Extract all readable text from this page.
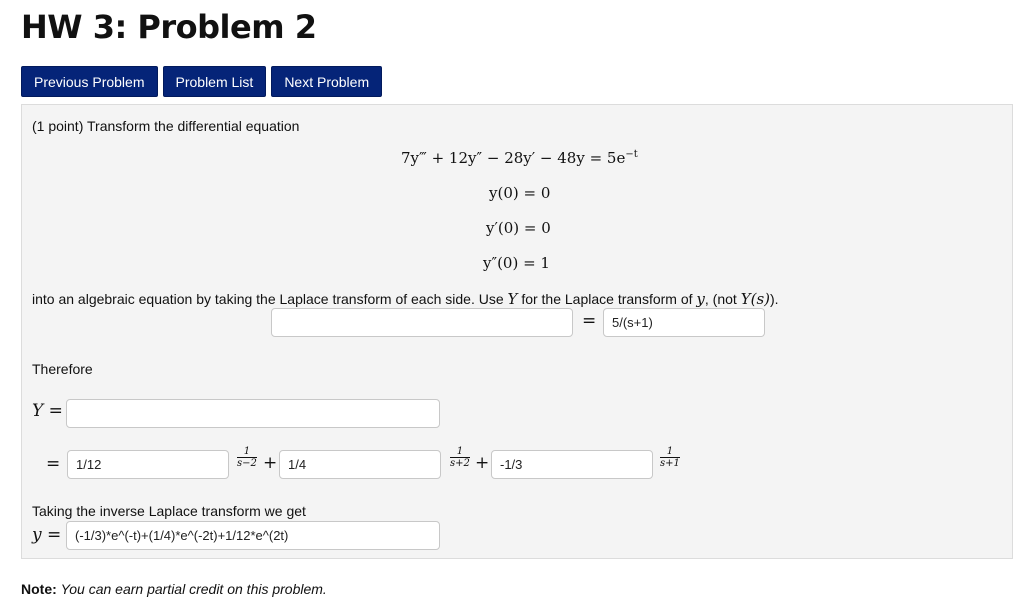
HW 3: Problem 2
Previous Problem	Problem List	Next Problem
(1 point) Transform the differential equation
7y‴ + $12y'' - 28y' - 48y = 5e^{-t}$
y(0) = 0
y′(0) = 0
y″(0) = 1
into an algebraic equation by taking the Laplace transform of each side. Use Y for the Laplace transform of y, (not Y(s)).
=	5/(s+1)
Therefore
Y =
=	1/12	$\frac{1}{s-2} + 1/4$	$\frac{1}{s+2} + -1/3$	$\frac{1}{s+1}$
Taking the inverse Laplace transform we get
y =	(-1/3)*e^(-t)+(1/4)*e^(-2t)+1/12*e^(2t)
Note: You can earn partial credit on this problem.
